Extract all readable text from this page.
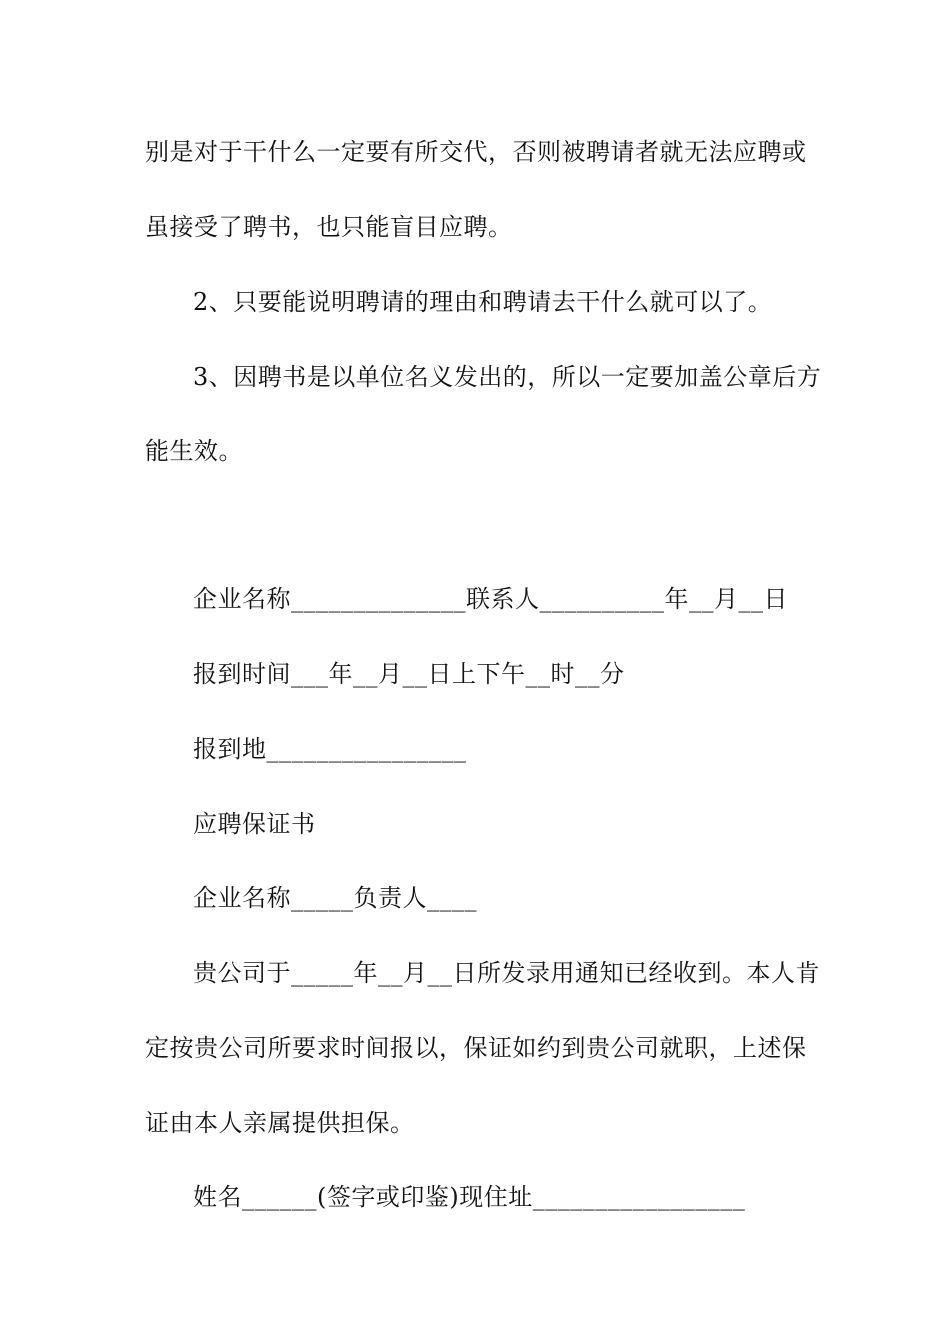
别是对于干什么一定要有所交代，否则被聘请者就无法应聘或
虽接受了聘书，也只能盲目应聘。
2、只要能说明聘请的理由和聘请去干什么就可以了。
3、因聘书是以单位名义发出的，所以一定要加盖公章后方
能生效。
企业名称______________联系人__________年__月__日
报到时间___年__月__日上下午__时__分
报到地________________
应聘保证书
企业名称_____负责人____
贵公司于_____年__月__日所发录用通知已经收到。本人肯
定按贵公司所要求时间报以，保证如约到贵公司就职，上述保
证由本人亲属提供担保。
姓名______(签字或印鉴)现住址_________________
